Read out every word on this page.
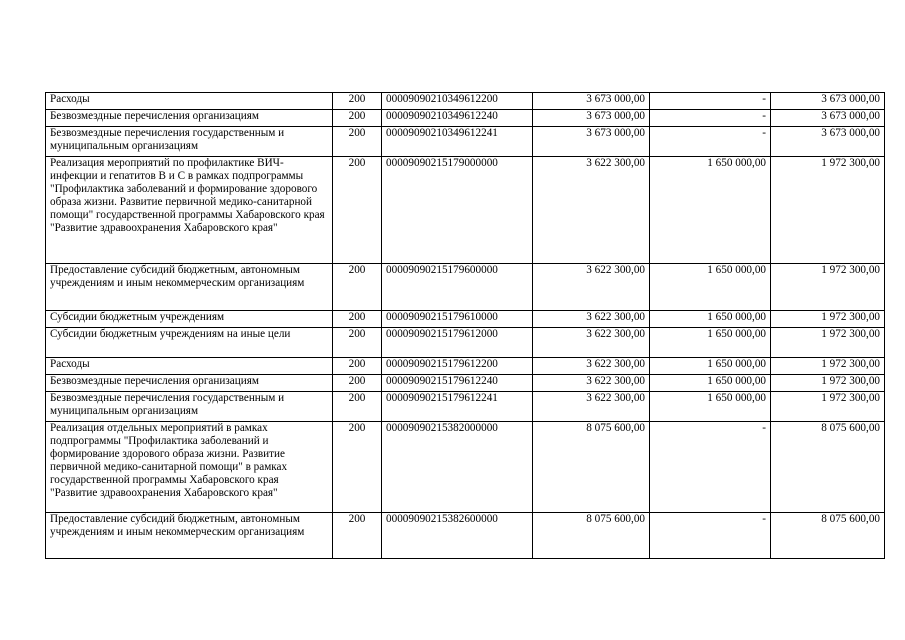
Расходы	200	00009090210349612200	3 673 000,00	-	3 673 000,00
Безвозмездные перечисления организациям	200	00009090210349612240	3 673 000,00	-	3 673 000,00
Безвозмездные перечисления государственным и муниципальным организациям	200	00009090210349612241	3 673 000,00	-	3 673 000,00
Реализация мероприятий по профилактике ВИЧ-инфекции и гепатитов В и С в рамках подпрограммы "Профилактика заболеваний и формирование здорового образа жизни. Развитие первичной медико-санитарной помощи" государственной программы Хабаровского края "Развитие здравоохранения Хабаровского края"	200	00009090215179000000	3 622 300,00	1 650 000,00	1 972 300,00
Предоставление субсидий бюджетным, автономным учреждениям и иным некоммерческим организациям	200	00009090215179600000	3 622 300,00	1 650 000,00	1 972 300,00
Субсидии бюджетным учреждениям	200	00009090215179610000	3 622 300,00	1 650 000,00	1 972 300,00
Субсидии бюджетным учреждениям на иные цели	200	00009090215179612000	3 622 300,00	1 650 000,00	1 972 300,00
Расходы	200	00009090215179612200	3 622 300,00	1 650 000,00	1 972 300,00
Безвозмездные перечисления организациям	200	00009090215179612240	3 622 300,00	1 650 000,00	1 972 300,00
Безвозмездные перечисления государственным и муниципальным организациям	200	00009090215179612241	3 622 300,00	1 650 000,00	1 972 300,00
Реализация отдельных мероприятий в рамках подпрограммы "Профилактика заболеваний и формирование здорового образа жизни. Развитие первичной медико-санитарной помощи" в рамках государственной программы Хабаровского края "Развитие здравоохранения Хабаровского края"	200	00009090215382000000	8 075 600,00	-	8 075 600,00
Предоставление субсидий бюджетным, автономным учреждениям и иным некоммерческим организациям	200	00009090215382600000	8 075 600,00	-	8 075 600,00
